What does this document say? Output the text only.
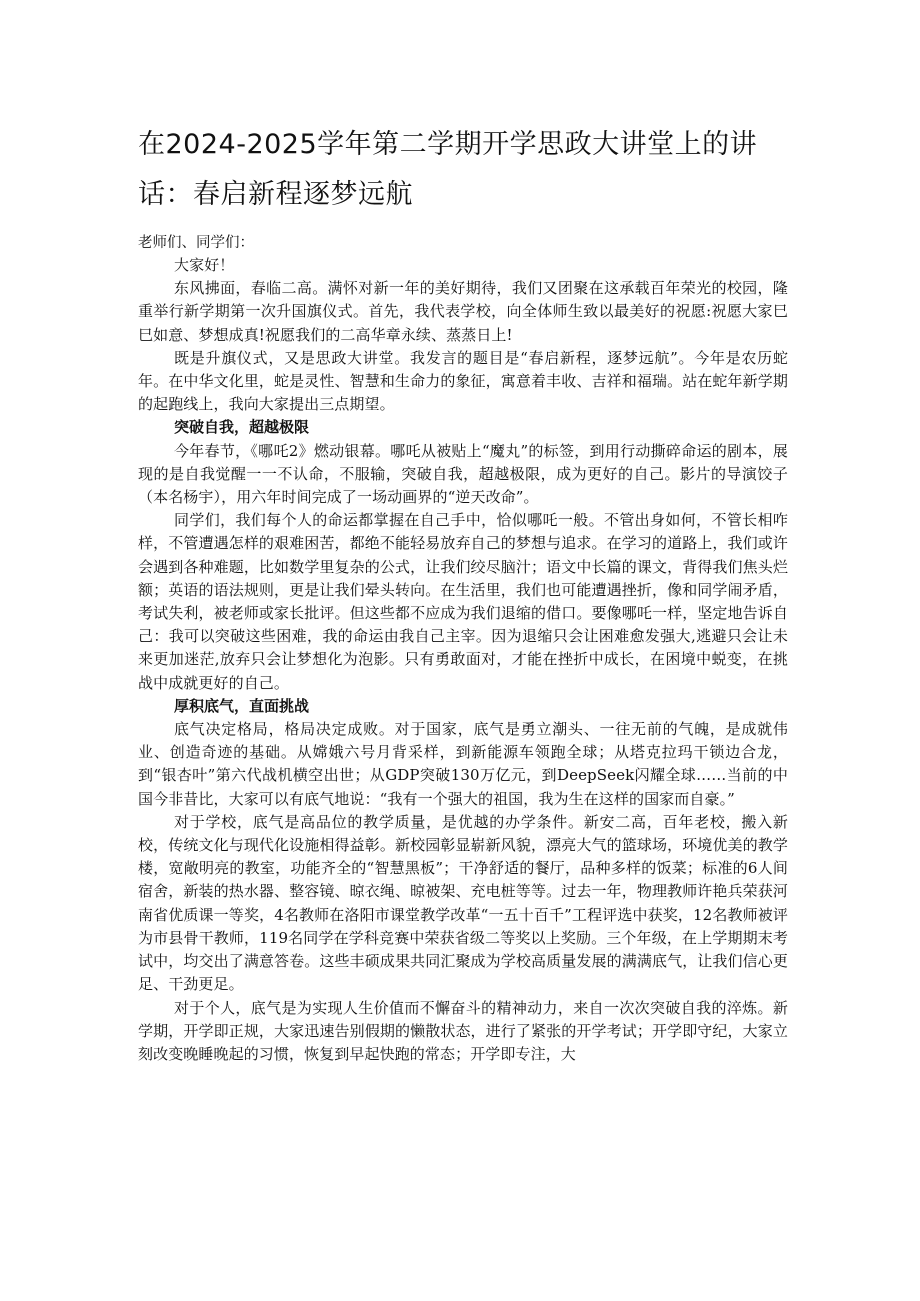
在2024-2025学年第二学期开学思政大讲堂上的讲
话：春启新程逐梦远航

老师们、同学们：

大家好！

东风拂面，春临二高。满怀对新一年的美好期待，我们又团聚在这承载百年荣光的校园，隆重举行新学期第一次升国旗仪式。首先，我代表学校，向全体师生致以最美好的祝愿:祝愿大家巳巳如意、梦想成真!祝愿我们的二高华章永续、蒸蒸日上!

既是升旗仪式，又是思政大讲堂。我发言的题目是“春启新程，逐梦远航”。今年是农历蛇年。在中华文化里，蛇是灵性、智慧和生命力的象征，寓意着丰收、吉祥和福瑞。站在蛇年新学期的起跑线上，我向大家提出三点期望。

突破自我，超越极限

今年春节，《哪吒2》燃动银幕。哪吒从被贴上“魔丸”的标签，到用行动撕碎命运的剧本，展现的是自我觉醒一一不认命，不服输，突破自我，超越极限，成为更好的自己。影片的导演饺子（本名杨宇），用六年时间完成了一场动画界的“逆天改命”。

同学们，我们每个人的命运都掌握在自己手中，恰似哪吒一般。不管出身如何，不管长相咋样，不管遭遇怎样的艰难困苦，都绝不能轻易放弃自己的梦想与追求。在学习的道路上，我们或许会遇到各种难题，比如数学里复杂的公式，让我们绞尽脑汁；语文中长篇的课文，背得我们焦头烂额；英语的语法规则，更是让我们晕头转向。在生活里，我们也可能遭遇挫折，像和同学闹矛盾，考试失利，被老师或家长批评。但这些都不应成为我们退缩的借口。要像哪吒一样，坚定地告诉自己：我可以突破这些困难，我的命运由我自己主宰。因为退缩只会让困难愈发强大,逃避只会让未来更加迷茫,放弃只会让梦想化为泡影。只有勇敢面对，才能在挫折中成长，在困境中蜕变，在挑战中成就更好的自己。

厚积底气，直面挑战

底气决定格局，格局决定成败。对于国家，底气是勇立潮头、一往无前的气魄，是成就伟业、创造奇迹的基础。从嫦娥六号月背采样，到新能源车领跑全球；从塔克拉玛干锁边合龙，到“银杏叶”第六代战机横空出世；从GDP突破130万亿元，到DeepSeek闪耀全球……当前的中国今非昔比，大家可以有底气地说：“我有一个强大的祖国，我为生在这样的国家而自豪。”

对于学校，底气是高品位的教学质量，是优越的办学条件。新安二高，百年老校，搬入新校，传统文化与现代化设施相得益彰。新校园彰显崭新风貌，漂亮大气的篮球场，环境优美的教学楼，宽敞明亮的教室，功能齐全的“智慧黑板”；干净舒适的餐厅，品种多样的饭菜；标准的6人间宿舍，新装的热水器、整容镜、晾衣绳、晾被架、充电桩等等。过去一年，物理教师许艳兵荣获河南省优质课一等奖，4名教师在洛阳市课堂教学改革“一五十百千”工程评选中获奖，12名教师被评为市县骨干教师，119名同学在学科竞赛中荣获省级二等奖以上奖励。三个年级，在上学期期末考试中，均交出了满意答卷。这些丰硕成果共同汇聚成为学校高质量发展的满满底气，让我们信心更足、干劲更足。

对于个人，底气是为实现人生价值而不懈奋斗的精神动力，来自一次次突破自我的淬炼。新学期，开学即正规，大家迅速告别假期的懒散状态，进行了紧张的开学考试；开学即守纪，大家立刻改变晚睡晚起的习惯，恢复到早起快跑的常态；开学即专注，大
